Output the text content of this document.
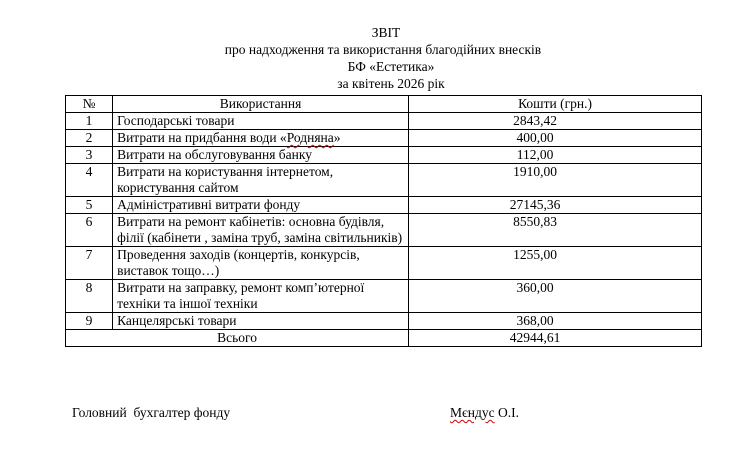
ЗВІТ
про надходження та використання благодійних внесків
БФ «Естетика»
за квітень 2026 рік
№	Використання	Кошти (грн.)
1	Господарські товари	2843,42
2	Витрати на придбання води «Родняна»	400,00
3	Витрати на обслуговування банку	112,00
4	Витрати на користування інтернетом, користування сайтом	1910,00
5	Адміністративні витрати фонду	27145,36
6	Витрати на ремонт кабінетів: основна будівля, філії (кабінети , заміна труб, заміна світильників)	8550,83
7	Проведення заходів (концертів, конкурсів, виставок тощо…)	1255,00
8	Витрати на заправку, ремонт комп’ютерної техніки та іншої техніки	360,00
9	Канцелярські товари	368,00
Всього		42944,61
Головний  бухгалтер фонду	Мєндус О.І.
